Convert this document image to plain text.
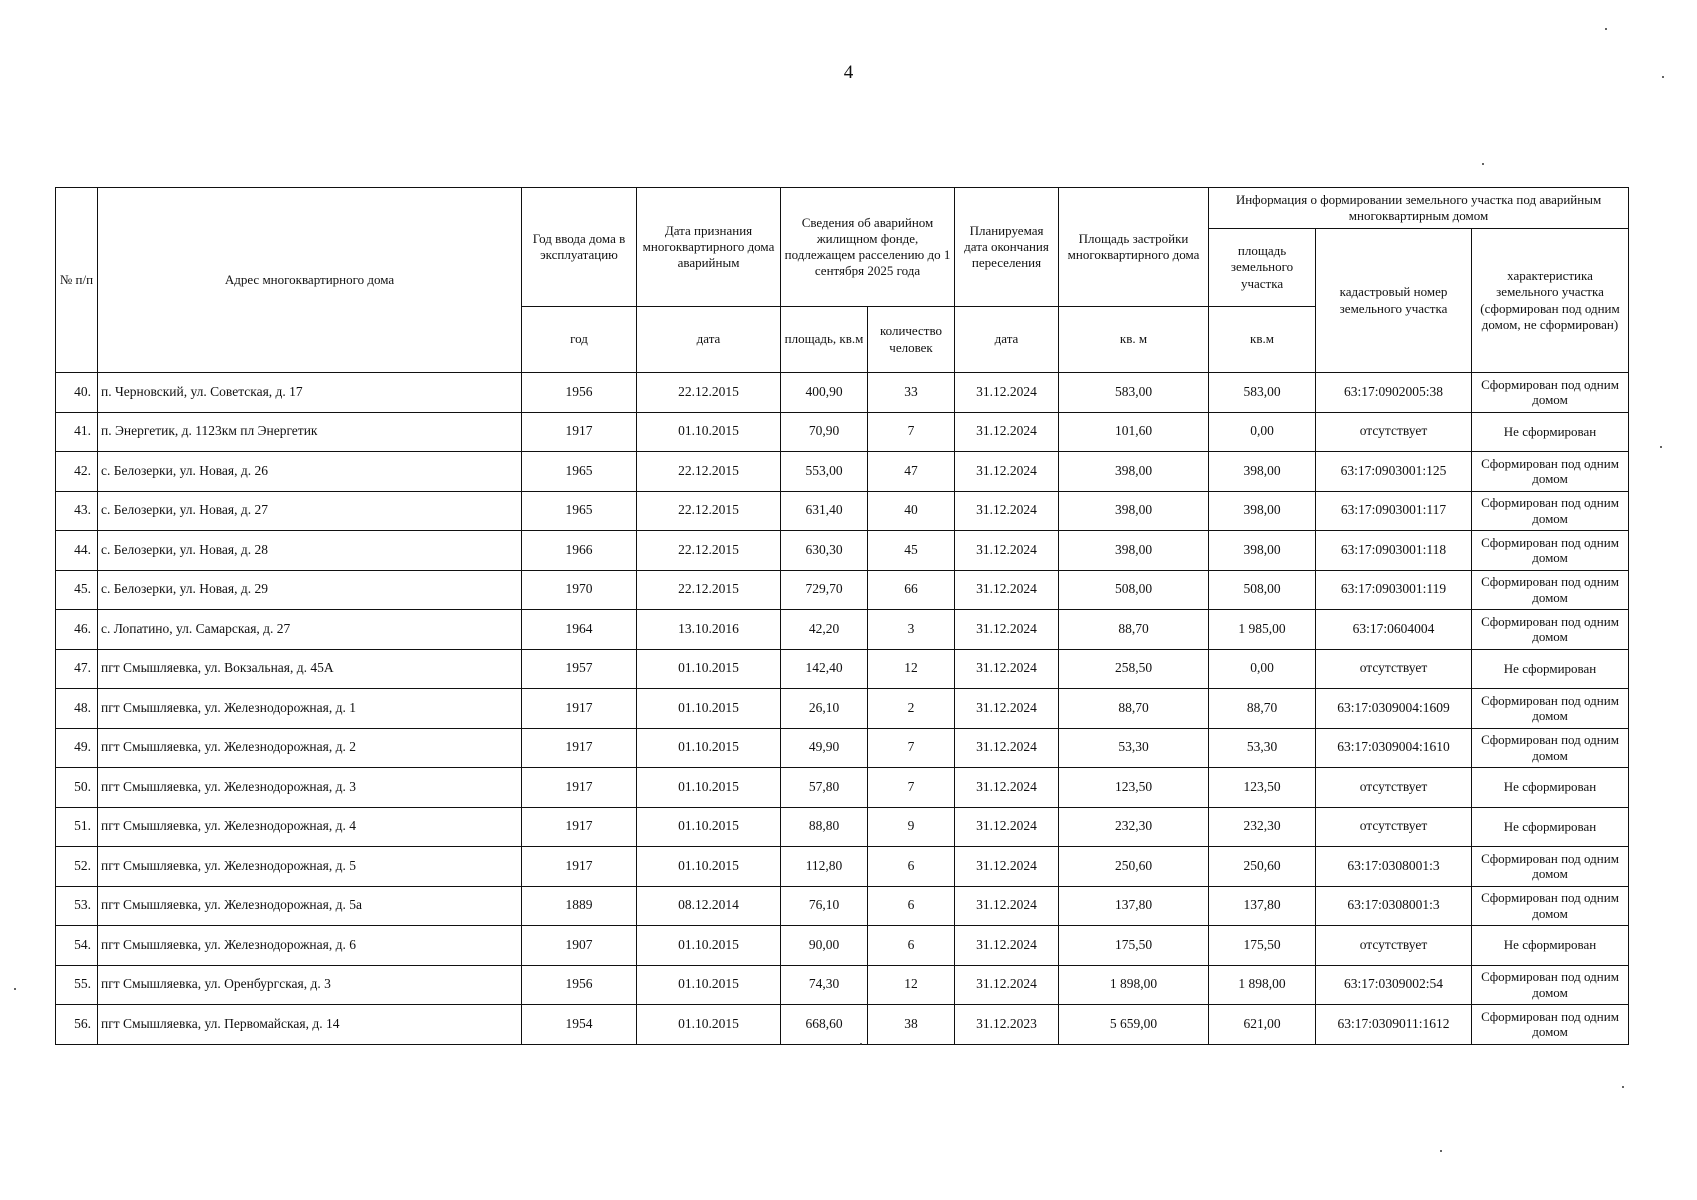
4
№ п/п	Адрес многоквартирного дома	Год ввода дома в эксплуатацию	Дата признания многоквартирного дома аварийным	Сведения об аварийном жилищном фонде, подлежащем расселению до 1 сентября 2025 года		Планируемая дата окончания переселения	Площадь застройки многоквартирного дома	Информация о формировании земельного участка под аварийным многоквартирным домом		
								площадь земельного участка	кадастровый номер земельного участка	характеристика земельного участка (сформирован под одним домом, не сформирован)
		год	дата	площадь, кв.м	количество человек	дата	кв. м	кв.м		
40.	п. Черновский, ул. Советская, д. 17	1956	22.12.2015	400,90	33	31.12.2024	583,00	583,00	63:17:0902005:38	Сформирован под одним домом
41.	п. Энергетик, д. 1123км пл Энергетик	1917	01.10.2015	70,90	7	31.12.2024	101,60	0,00	отсутствует	Не сформирован
42.	с. Белозерки, ул. Новая, д. 26	1965	22.12.2015	553,00	47	31.12.2024	398,00	398,00	63:17:0903001:125	Сформирован под одним домом
43.	с. Белозерки, ул. Новая, д. 27	1965	22.12.2015	631,40	40	31.12.2024	398,00	398,00	63:17:0903001:117	Сформирован под одним домом
44.	с. Белозерки, ул. Новая, д. 28	1966	22.12.2015	630,30	45	31.12.2024	398,00	398,00	63:17:0903001:118	Сформирован под одним домом
45.	с. Белозерки, ул. Новая, д. 29	1970	22.12.2015	729,70	66	31.12.2024	508,00	508,00	63:17:0903001:119	Сформирован под одним домом
46.	с. Лопатино, ул. Самарская, д. 27	1964	13.10.2016	42,20	3	31.12.2024	88,70	1 985,00	63:17:0604004	Сформирован под одним домом
47.	пгт Смышляевка, ул. Вокзальная, д. 45А	1957	01.10.2015	142,40	12	31.12.2024	258,50	0,00	отсутствует	Не сформирован
48.	пгт Смышляевка, ул. Железнодорожная, д. 1	1917	01.10.2015	26,10	2	31.12.2024	88,70	88,70	63:17:0309004:1609	Сформирован под одним домом
49.	пгт Смышляевка, ул. Железнодорожная, д. 2	1917	01.10.2015	49,90	7	31.12.2024	53,30	53,30	63:17:0309004:1610	Сформирован под одним домом
50.	пгт Смышляевка, ул. Железнодорожная, д. 3	1917	01.10.2015	57,80	7	31.12.2024	123,50	123,50	отсутствует	Не сформирован
51.	пгт Смышляевка, ул. Железнодорожная, д. 4	1917	01.10.2015	88,80	9	31.12.2024	232,30	232,30	отсутствует	Не сформирован
52.	пгт Смышляевка, ул. Железнодорожная, д. 5	1917	01.10.2015	112,80	6	31.12.2024	250,60	250,60	63:17:0308001:3	Сформирован под одним домом
53.	пгт Смышляевка, ул. Железнодорожная, д. 5а	1889	08.12.2014	76,10	6	31.12.2024	137,80	137,80	63:17:0308001:3	Сформирован под одним домом
54.	пгт Смышляевка, ул. Железнодорожная, д. 6	1907	01.10.2015	90,00	6	31.12.2024	175,50	175,50	отсутствует	Не сформирован
55.	пгт Смышляевка, ул. Оренбургская, д. 3	1956	01.10.2015	74,30	12	31.12.2024	1 898,00	1 898,00	63:17:0309002:54	Сформирован под одним домом
56.	пгт Смышляевка, ул. Первомайская, д. 14	1954	01.10.2015	668,60	38	31.12.2023	5 659,00	621,00	63:17:0309011:1612	Сформирован под одним домом
